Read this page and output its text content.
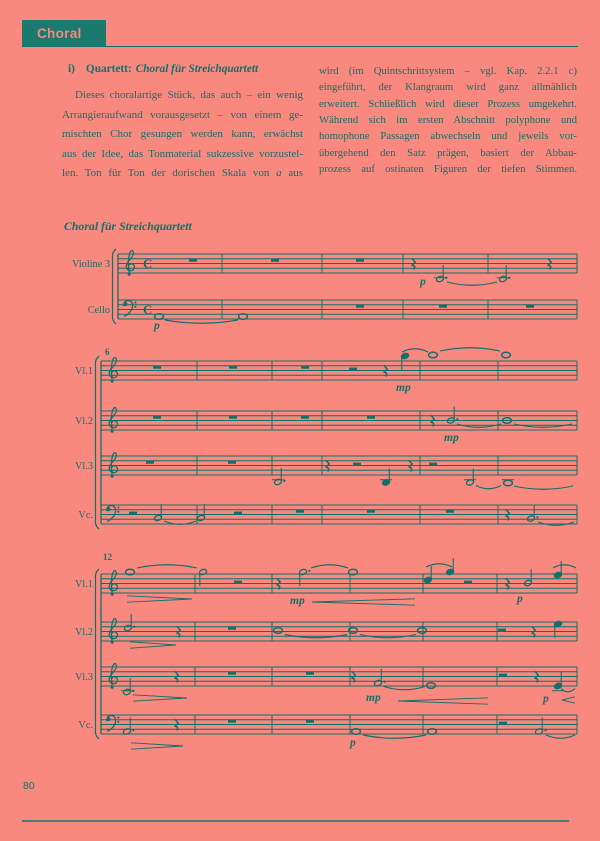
Choral
i) Quartett: Choral für Streichquartett
Dieses choralartige Stück, das auch – ein wenig
Arrangieraufwand vorausgesetzt – von einem ge-
mischten Chor gesungen werden kann, erwächst
aus der Idee, das Tonmaterial sukzessive vorzustel-
len. Ton für Ton der dorischen Skala von a aus
wird (im Quintschrittsystem – vgl. Kap. 2.2.1 c)
eingeführt, der Klangraum wird ganz allmählich
erweitert. Schließlich wird dieser Prozess umgekehrt.
Während sich im ersten Abschnitt polyphone und
homophone Passagen abwechseln und jeweils vor-
übergehend den Satz prägen, basiert der Abbau-
prozess auf ostinaten Figuren der tiefen Stimmen.
Choral für Streichquartett
Violine 3	C
p
Cello	C
p
6
Vl.1
mp
Vl.2
mp
Vl.3
Vc.
12
Vl.1
mp	p
Vl.2
Vl.3
mp	p
Vc.
p
80
